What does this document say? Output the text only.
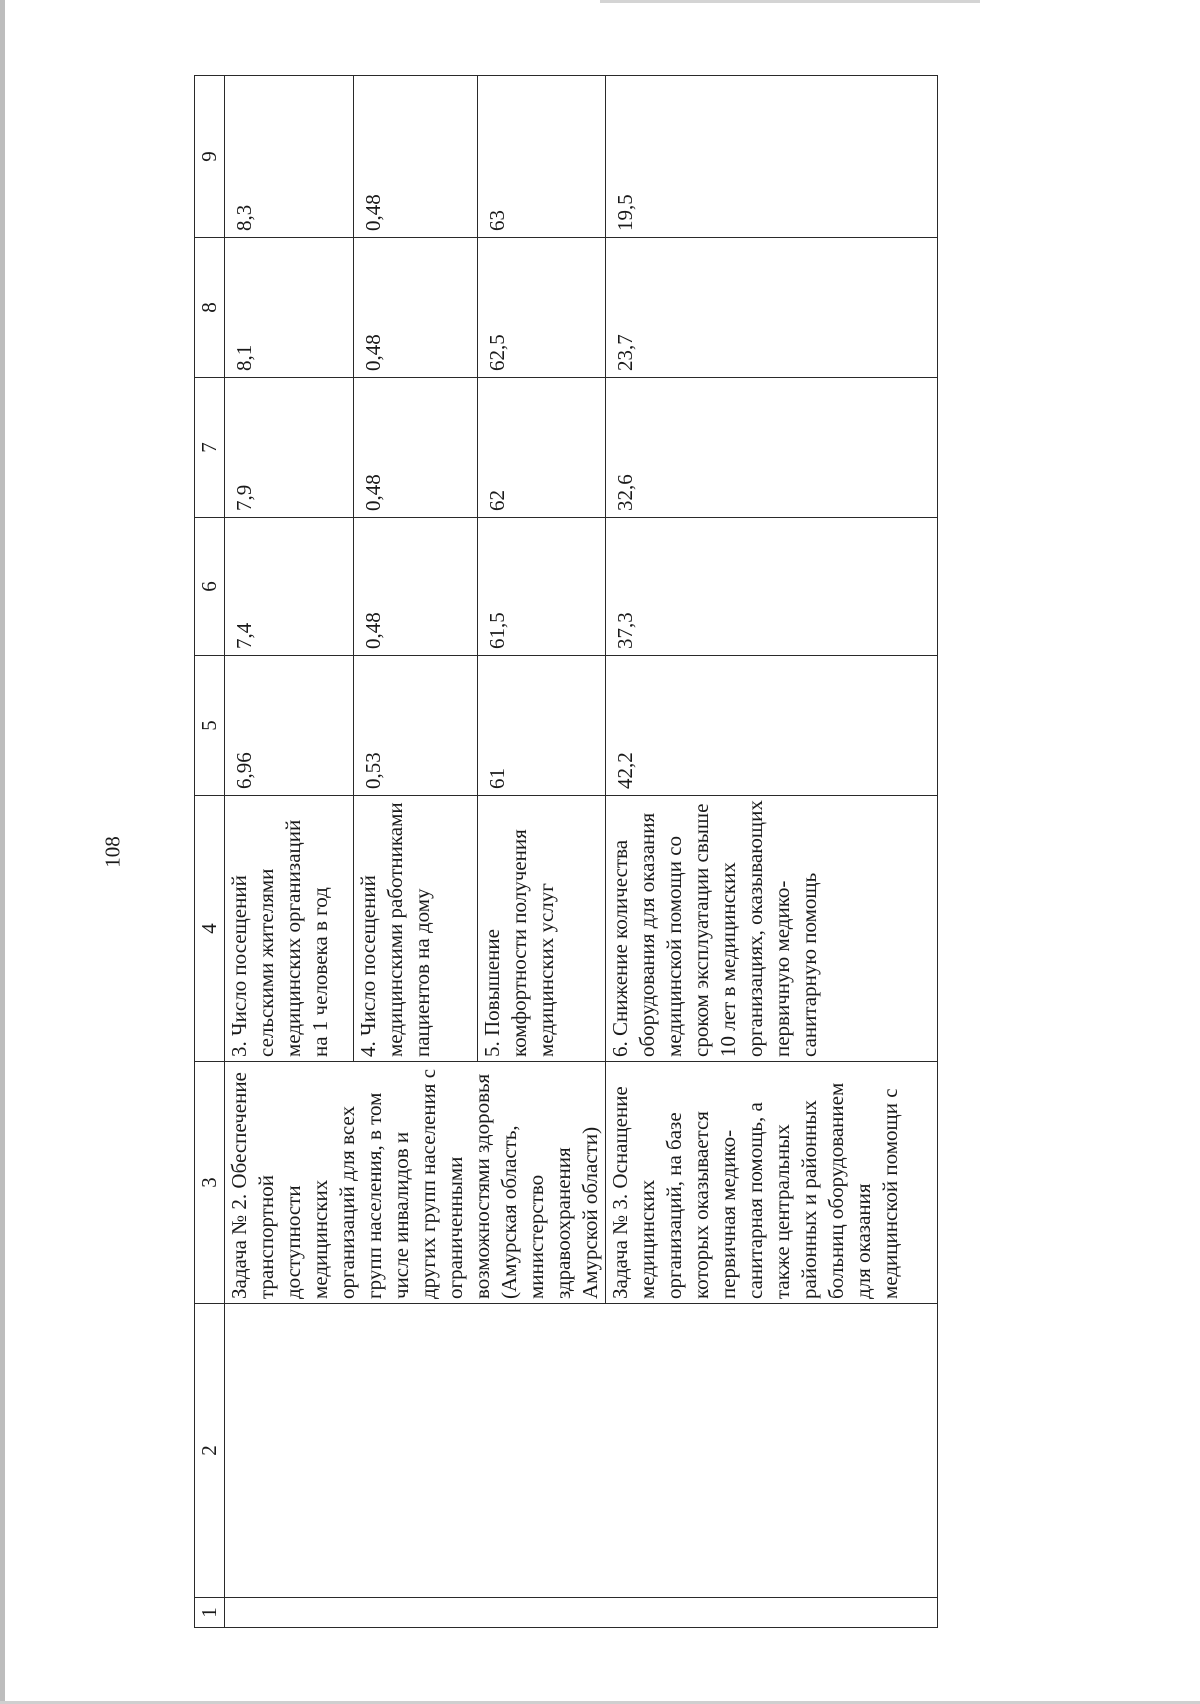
108
1	2	3	4	5	6	7	8	9
		Задача № 2. Обеспечение транспортной доступности медицинских организаций для всех групп населения, в том числе инвалидов и других групп населения с ограниченными возможностями здоровья (Амурская область, министерство здравоохранения Амурской области)	3. Число посещений сельскими жителями медицинских организаций на 1 человека в год	6,96	7,4	7,9	8,1	8,3
			4. Число посещений медицинскими работниками пациентов на дому	0,53	0,48	0,48	0,48	0,48
			5. Повышение комфортности получения медицинских услуг	61	61,5	62	62,5	63
		Задача № 3. Оснащение медицинских организаций, на базе которых оказывается первичная медико-санитарная помощь, а также центральных районных и районных больниц оборудованием для оказания медицинской помощи с	6. Снижение количества оборудования для оказания медицинской помощи со сроком эксплуатации свыше 10 лет в медицинских организациях, оказывающих первичную медико-санитарную помощь	42,2	37,3	32,6	23,7	19,5
